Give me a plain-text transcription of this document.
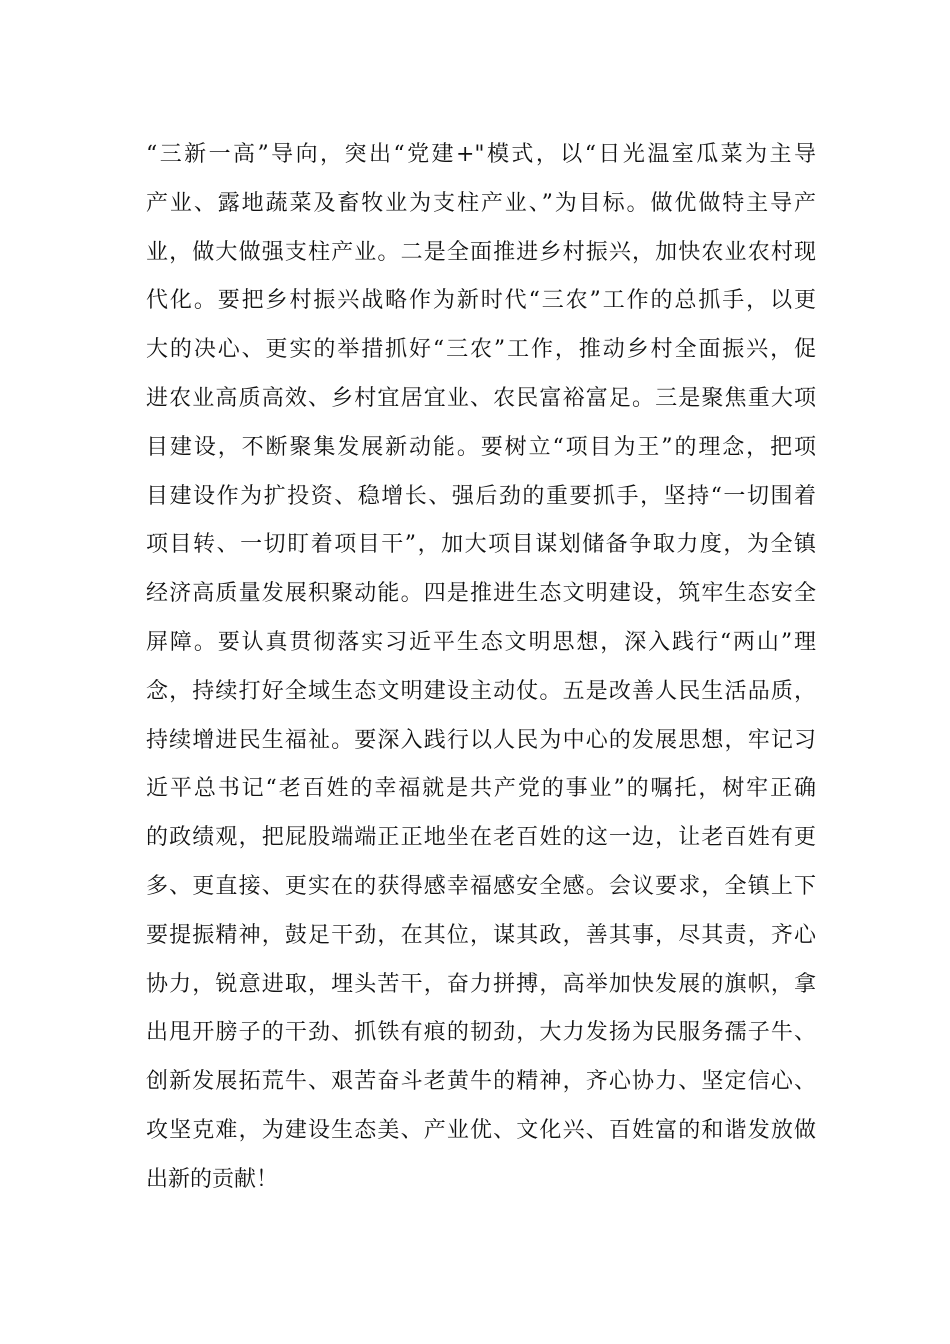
“三新一高”导向，突出“党建+"模式，以“日光温室瓜菜为主导
产业、露地蔬菜及畜牧业为支柱产业、”为目标。做优做特主导产
业，做大做强支柱产业。二是全面推进乡村振兴，加快农业农村现
代化。要把乡村振兴战略作为新时代“三农”工作的总抓手，以更
大的决心、更实的举措抓好“三农”工作，推动乡村全面振兴，促
进农业高质高效、乡村宜居宜业、农民富裕富足。三是聚焦重大项
目建设，不断聚集发展新动能。要树立“项目为王”的理念，把项
目建设作为扩投资、稳增长、强后劲的重要抓手，坚持“一切围着
项目转、一切盯着项目干”，加大项目谋划储备争取力度，为全镇
经济高质量发展积聚动能。四是推进生态文明建设，筑牢生态安全
屏障。要认真贯彻落实习近平生态文明思想，深入践行“两山”理
念，持续打好全域生态文明建设主动仗。五是改善人民生活品质，
持续增进民生福祉。要深入践行以人民为中心的发展思想，牢记习
近平总书记“老百姓的幸福就是共产党的事业”的嘱托，树牢正确
的政绩观，把屁股端端正正地坐在老百姓的这一边，让老百姓有更
多、更直接、更实在的获得感幸福感安全感。会议要求，全镇上下
要提振精神，鼓足干劲，在其位，谋其政，善其事，尽其责，齐心
协力，锐意进取，埋头苦干，奋力拼搏，高举加快发展的旗帜，拿
出甩开膀子的干劲、抓铁有痕的韧劲，大力发扬为民服务孺子牛、
创新发展拓荒牛、艰苦奋斗老黄牛的精神，齐心协力、坚定信心、
攻坚克难，为建设生态美、产业优、文化兴、百姓富的和谐发放做
出新的贡献！
